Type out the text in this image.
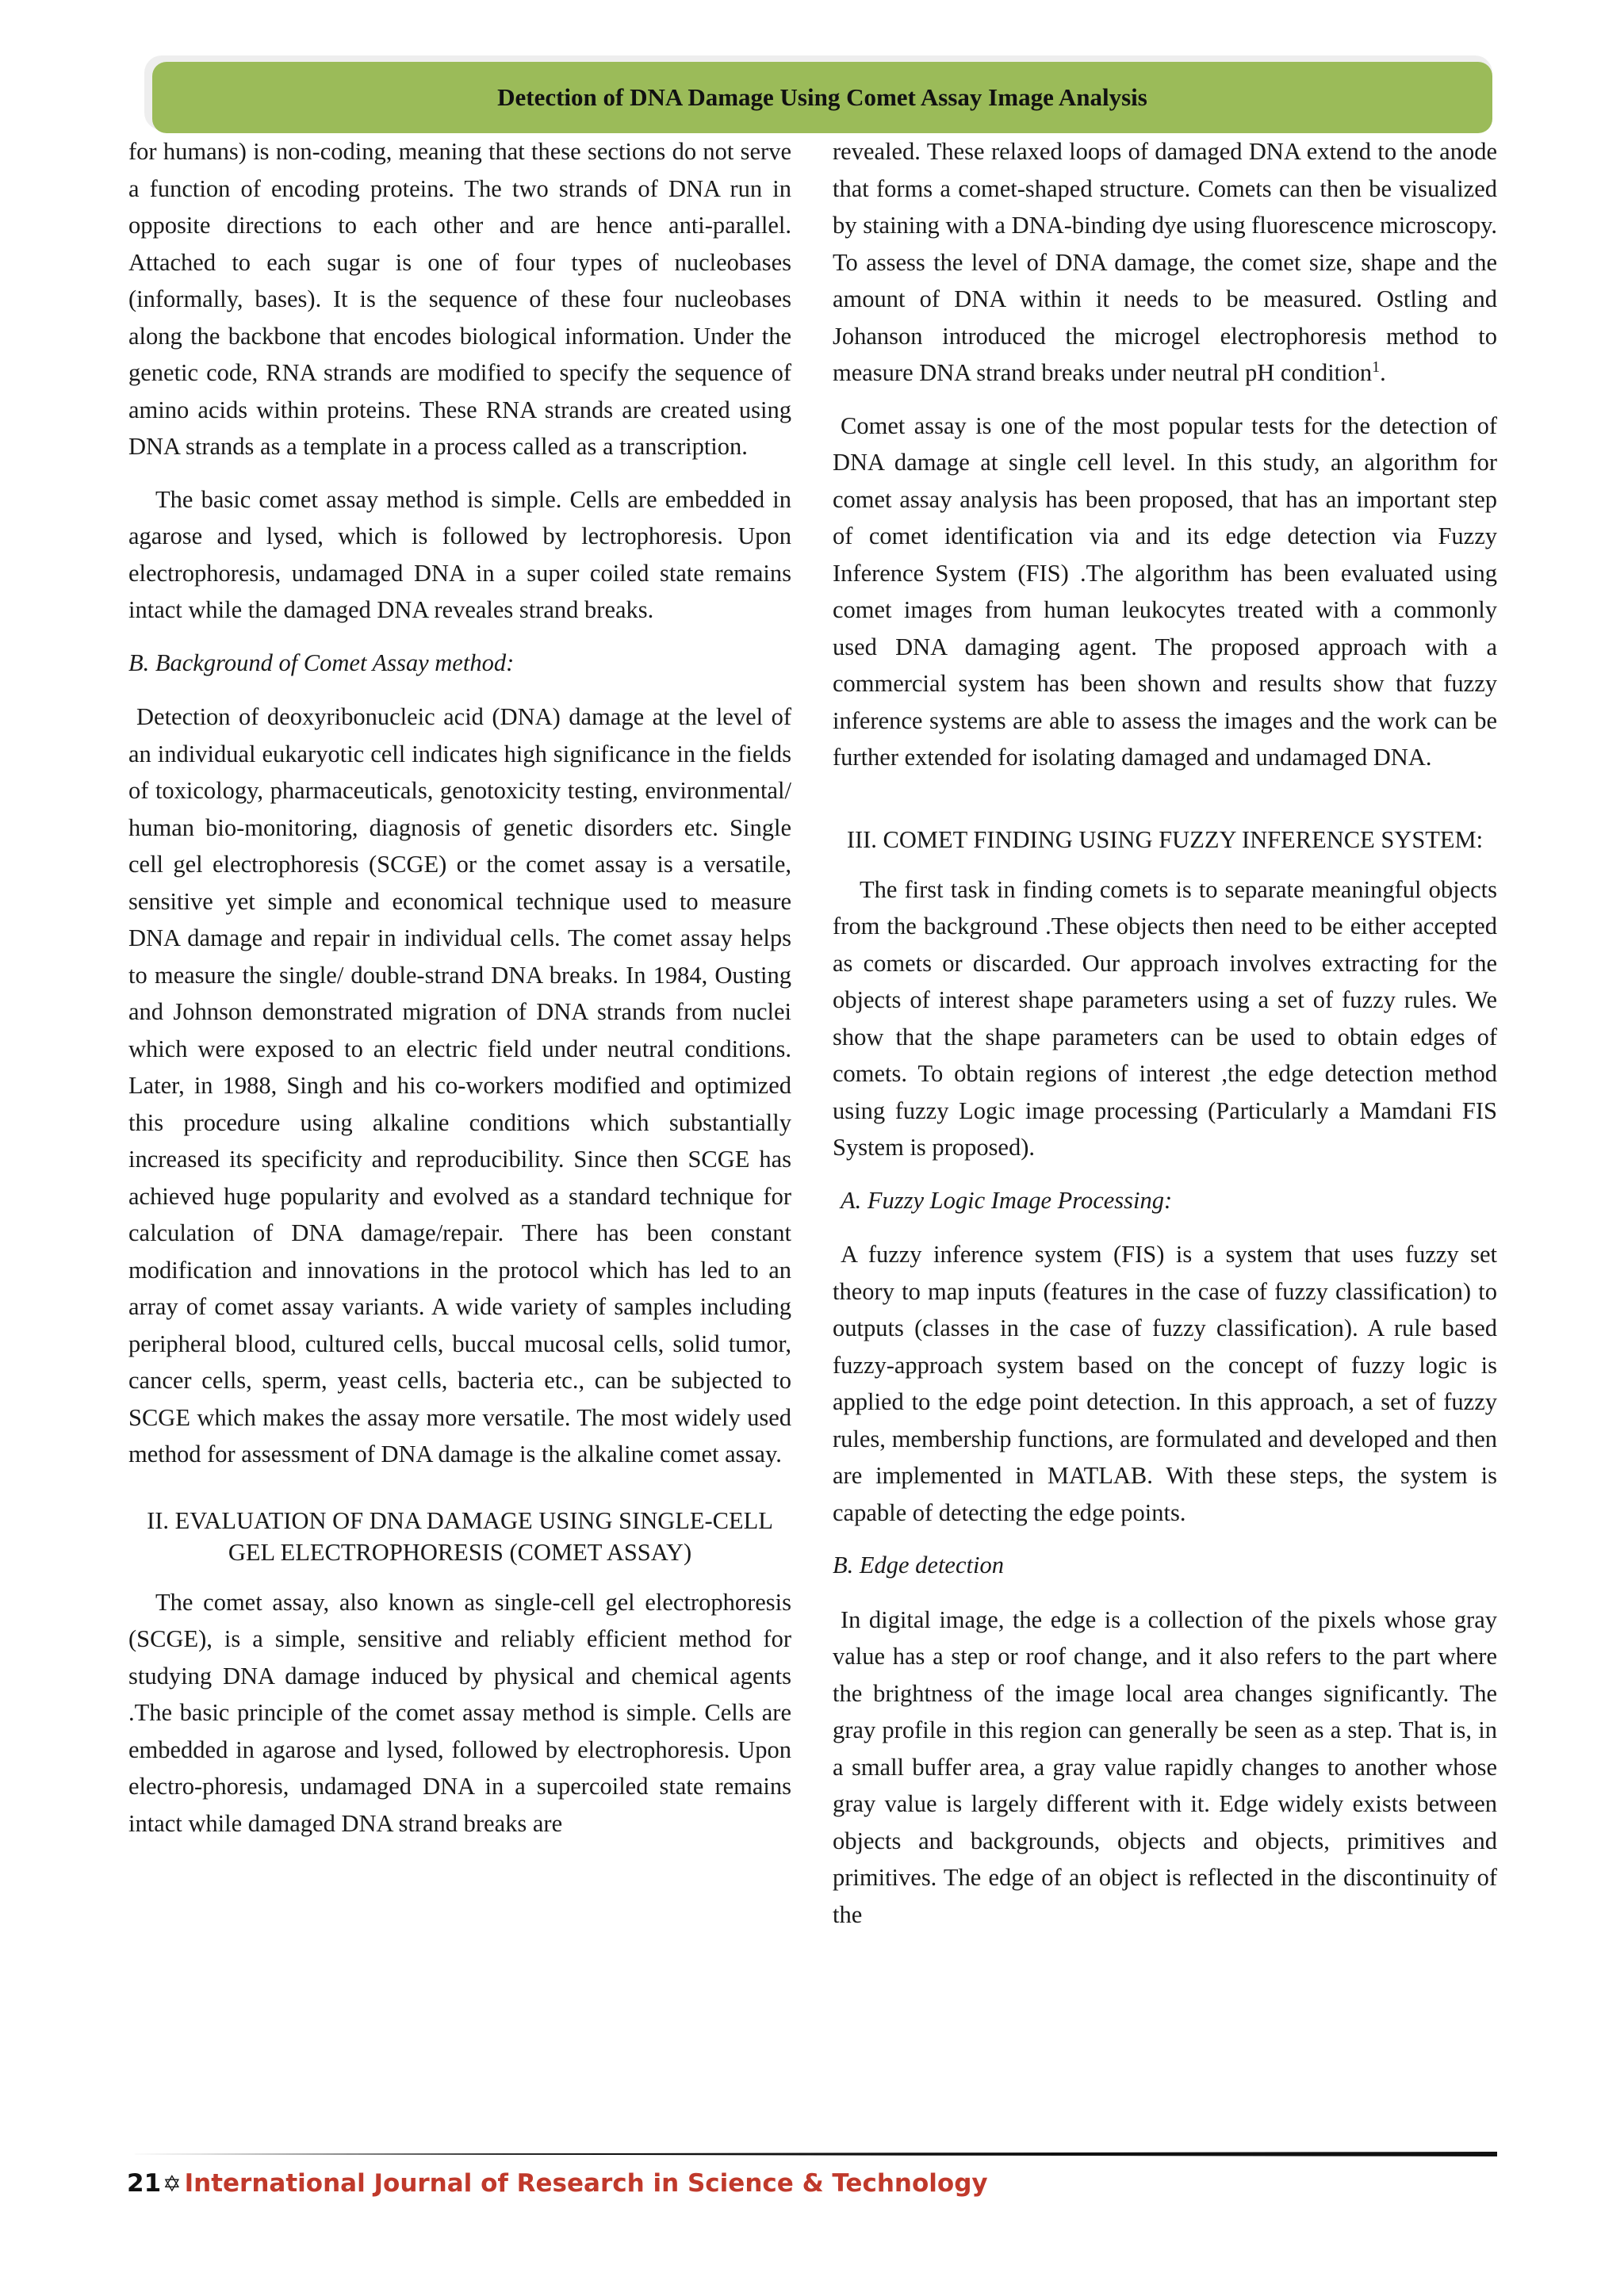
Detection of DNA Damage Using Comet Assay Image Analysis

for humans) is non-coding, meaning that these sections do not serve a function of encoding proteins. The two strands of DNA run in opposite directions to each other and are hence anti-parallel. Attached to each sugar is one of four types of nucleobases (informally, bases). It is the sequence of these four nucleobases along the backbone that encodes biological information. Under the genetic code, RNA strands are modified to specify the sequence of amino acids within proteins. These RNA strands are created using DNA strands as a template in a process called as a transcription.

The basic comet assay method is simple. Cells are embedded in agarose and lysed, which is followed by lectrophoresis. Upon electrophoresis, undamaged DNA in a super coiled state remains intact while the damaged DNA reveales strand breaks.

B. Background of Comet Assay method:

Detection of deoxyribonucleic acid (DNA) damage at the level of an individual eukaryotic cell indicates high significance in the fields of toxicology, pharmaceuticals, genotoxicity testing, environmental/ human bio-monitoring, diagnosis of genetic disorders etc. Single cell gel electrophoresis (SCGE) or the comet assay is a versatile, sensitive yet simple and economical technique used to measure DNA damage and repair in individual cells. The comet assay helps to measure the single/ double-strand DNA breaks. In 1984, Ousting and Johnson demonstrated migration of DNA strands from nuclei which were exposed to an electric field under neutral conditions. Later, in 1988, Singh and his co-workers modified and optimized this procedure using alkaline conditions which substantially increased its specificity and reproducibility. Since then SCGE has achieved huge popularity and evolved as a standard technique for calculation of DNA damage/repair. There has been constant modification and innovations in the protocol which has led to an array of comet assay variants. A wide variety of samples including peripheral blood, cultured cells, buccal mucosal cells, solid tumor, cancer cells, sperm, yeast cells, bacteria etc., can be subjected to SCGE which makes the assay more versatile. The most widely used method for assessment of DNA damage is the alkaline comet assay.

II. EVALUATION OF DNA DAMAGE USING SINGLE-CELL GEL ELECTROPHORESIS (COMET ASSAY)

The comet assay, also known as single-cell gel electrophoresis (SCGE), is a simple, sensitive and reliably efficient method for studying DNA damage induced by physical and chemical agents .The basic principle of the comet assay method is simple. Cells are embedded in agarose and lysed, followed by electrophoresis. Upon electro-phoresis, undamaged DNA in a supercoiled state remains intact while damaged DNA strand breaks are

revealed. These relaxed loops of damaged DNA extend to the anode that forms a comet-shaped structure. Comets can then be visualized by staining with a DNA-binding dye using fluorescence microscopy. To assess the level of DNA damage, the comet size, shape and the amount of DNA within it needs to be measured. Ostling and Johanson introduced the microgel electrophoresis method to measure DNA strand breaks under neutral pH condition$^1$.

Comet assay is one of the most popular tests for the detection of DNA damage at single cell level. In this study, an algorithm for comet assay analysis has been proposed, that has an important step of comet identification via and its edge detection via Fuzzy Inference System (FIS) .The algorithm has been evaluated using comet images from human leukocytes treated with a commonly used DNA damaging agent. The proposed approach with a commercial system has been shown and results show that fuzzy inference systems are able to assess the images and the work can be further extended for isolating damaged and undamaged DNA.

III. COMET FINDING USING FUZZY INFERENCE SYSTEM:

The first task in finding comets is to separate meaningful objects from the background .These objects then need to be either accepted as comets or discarded. Our approach involves extracting for the objects of interest shape parameters using a set of fuzzy rules. We show that the shape parameters can be used to obtain edges of comets. To obtain regions of interest ,the edge detection method using fuzzy Logic image processing (Particularly a Mamdani FIS System is proposed).

A. Fuzzy Logic Image Processing:

A fuzzy inference system (FIS) is a system that uses fuzzy set theory to map inputs (features in the case of fuzzy classification) to outputs (classes in the case of fuzzy classification). A rule based fuzzy-approach system based on the concept of fuzzy logic is applied to the edge point detection. In this approach, a set of fuzzy rules, membership functions, are formulated and developed and then are implemented in MATLAB. With these steps, the system is capable of detecting the edge points.

B. Edge detection

In digital image, the edge is a collection of the pixels whose gray value has a step or roof change, and it also refers to the part where the brightness of the image local area changes significantly. The gray profile in this region can generally be seen as a step. That is, in a small buffer area, a gray value rapidly changes to another whose gray value is largely different with it. Edge widely exists between objects and backgrounds, objects and objects, primitives and primitives. The edge of an object is reflected in the discontinuity of the

21 ✡ International Journal of Research in Science & Technology
